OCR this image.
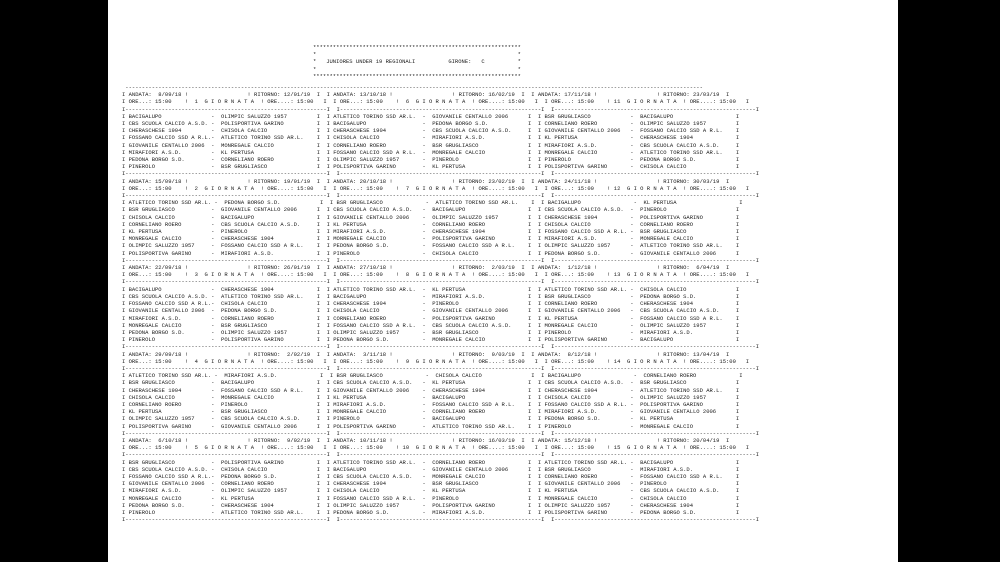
***************************************************************
*                                                             *
*   JUNIORES UNDER 19 REGIONALI          GIRONE:   C          *
*                                                             *
***************************************************************
-------------------------------------------------------------------------------------------------------------------------------------------------------------------------------
I ANDATA:  8/09/18 !                  ! RITORNO: 12/01/19  I  I ANDATA: 13/10/18 !                  ! RITORNO: 16/02/19  I  I ANDATA: 17/11/18 !                  ! RITORNO: 23/03/19  I
I ORE...: 15:00    !  1  G I O R N A T A  ! ORE....: 15:00   I  I ORE...: 15:00    !  6  G I O R N A T A  ! ORE....: 15:00   I  I ORE...: 15:00    ! 11  G I O R N A T A  ! ORE....: 15:00   I
I-------------------------------------------------------------I  I-------------------------------------------------------------I  I-------------------------------------------------------------I
I BACIGALUPO               -  OLIMPIC SALUZZO 1957         I  I ATLETICO TORINO SSD AR.L.  -  GIOVANILE CENTALLO 2006      I  I BSR GRUGLIASCO            -  BACIGALUPO                   I
I CBS SCUOLA CALCIO A.S.D. -  POLISPORTIVA GARINO          I  I BACIGALUPO                 -  PEDONA BORGO S.D.            I  I CORNELIANO ROERO          -  OLIMPIC SALUZZO 1957         I
I CHERASCHESE 1904         -  CHISOLA CALCIO               I  I CHERASCHESE 1904           -  CBS SCUOLA CALCIO A.S.D.     I  I GIOVANILE CENTALLO 2006   -  FOSSANO CALCIO SSD A R.L.    I
I FOSSANO CALCIO SSD A R.L.-  ATLETICO TORINO SSD AR.L.    I  I CHISOLA CALCIO             -  MIRAFIORI A.S.D.             I  I KL PERTUSA                -  CHERASCHESE 1904             I
I GIOVANILE CENTALLO 2006  -  MONREGALE CALCIO             I  I CORNELIANO ROERO           -  BSR GRUGLIASCO               I  I MIRAFIORI A.S.D.          -  CBS SCUOLA CALCIO A.S.D.     I
I MIRAFIORI A.S.D.         -  KL PERTUSA                   I  I FOSSANO CALCIO SSD A R.L.  -  MONREGALE CALCIO             I  I MONREGALE CALCIO          -  ATLETICO TORINO SSD AR.L.    I
I PEDONA BORGO S.D.        -  CORNELIANO ROERO             I  I OLIMPIC SALUZZO 1957       -  PINEROLO                     I  I PINEROLO                  -  PEDONA BORGO S.D.            I
I PINEROLO                 -  BSR GRUGLIASCO               I  I POLISPORTIVA GARINO        -  KL PERTUSA                   I  I POLISPORTIVA GARINO       -  CHISOLA CALCIO               I
I-------------------------------------------------------------I  I-------------------------------------------------------------I  I-------------------------------------------------------------I
I ANDATA: 15/09/18 !                  ! RITORNO: 19/01/19  I  I ANDATA: 20/10/18 !                  ! RITORNO: 23/02/19  I  I ANDATA: 24/11/18 !                  ! RITORNO: 30/03/19  I
I ORE...: 15:00    !  2  G I O R N A T A  ! ORE....: 15:00   I  I ORE...: 15:00    !  7  G I O R N A T A  ! ORE....: 15:00   I  I ORE...: 15:00    ! 12  G I O R N A T A  ! ORE....: 15:00   I
I-------------------------------------------------------------I  I-------------------------------------------------------------I  I-------------------------------------------------------------I
I ATLETICO TORINO SSD AR.L. -  PEDONA BORGO S.D.            I  I BSR GRUGLIASCO             -  ATLETICO TORINO SSD AR.L.    I  I BACIGALUPO                -  KL PERTUSA                   I
I BSR GRUGLIASCO           -  GIOVANILE CENTALLO 2006      I  I CBS SCUOLA CALCIO A.S.D.   -  BACIGALUPO                   I  I CBS SCUOLA CALCIO A.S.D.  -  PINEROLO                     I
I CHISOLA CALCIO           -  BACIGALUPO                   I  I GIOVANILE CENTALLO 2006    -  OLIMPIC SALUZZO 1957         I  I CHERASCHESE 1904          -  POLISPORTIVA GARINO          I
I CORNELIANO ROERO         -  CBS SCUOLA CALCIO A.S.D.     I  I KL PERTUSA                 -  CORNELIANO ROERO             I  I CHISOLA CALCIO            -  CORNELIANO ROERO             I
I KL PERTUSA               -  PINEROLO                     I  I MIRAFIORI A.S.D.           -  CHERASCHESE 1904             I  I FOSSANO CALCIO SSD A R.L. -  BSR GRUGLIASCO               I
I MONREGALE CALCIO         -  CHERASCHESE 1904             I  I MONREGALE CALCIO           -  POLISPORTIVA GARINO          I  I MIRAFIORI A.S.D.          -  MONREGALE CALCIO             I
I OLIMPIC SALUZZO 1957     -  FOSSANO CALCIO SSD A R.L.    I  I PEDONA BORGO S.D.          -  FOSSANO CALCIO SSD A R.L.    I  I OLIMPIC SALUZZO 1957      -  ATLETICO TORINO SSD AR.L.    I
I POLISPORTIVA GARINO      -  MIRAFIORI A.S.D.             I  I PINEROLO                   -  CHISOLA CALCIO               I  I PEDONA BORGO S.D.         -  GIOVANILE CENTALLO 2006      I
I-------------------------------------------------------------I  I-------------------------------------------------------------I  I-------------------------------------------------------------I
I ANDATA: 22/09/18 !                  ! RITORNO: 26/01/19  I  I ANDATA: 27/10/18 !                  ! RITORNO:  2/03/19  I  I ANDATA:  1/12/18 !                  ! RITORNO:  6/04/19  I
I ORE...: 15:00    !  3  G I O R N A T A  ! ORE....: 15:00   I  I ORE...: 15:00    !  8  G I O R N A T A  ! ORE....: 15:00   I  I ORE...: 15:00    ! 13  G I O R N A T A  ! ORE....: 15:00   I
I-------------------------------------------------------------I  I-------------------------------------------------------------I  I-------------------------------------------------------------I
I BACIGALUPO               -  CHERASCHESE 1904             I  I ATLETICO TORINO SSD AR.L.  -  KL PERTUSA                   I  I ATLETICO TORINO SSD AR.L. -  CHISOLA CALCIO               I
I CBS SCUOLA CALCIO A.S.D. -  ATLETICO TORINO SSD AR.L.    I  I BACIGALUPO                 -  MIRAFIORI A.S.D.             I  I BSR GRUGLIASCO            -  PEDONA BORGO S.D.            I
I FOSSANO CALCIO SSD A R.L.-  CHISOLA CALCIO               I  I CHERASCHESE 1904           -  PINEROLO                     I  I CORNELIANO ROERO          -  CHERASCHESE 1904             I
I GIOVANILE CENTALLO 2006  -  PEDONA BORGO S.D.            I  I CHISOLA CALCIO             -  GIOVANILE CENTALLO 2006      I  I GIOVANILE CENTALLO 2006   -  CBS SCUOLA CALCIO A.S.D.     I
I MIRAFIORI A.S.D.         -  CORNELIANO ROERO             I  I CORNELIANO ROERO           -  POLISPORTIVA GARINO          I  I KL PERTUSA                -  FOSSANO CALCIO SSD A R.L.    I
I MONREGALE CALCIO         -  BSR GRUGLIASCO               I  I FOSSANO CALCIO SSD A R.L.  -  CBS SCUOLA CALCIO A.S.D.     I  I MONREGALE CALCIO          -  OLIMPIC SALUZZO 1957         I
I PEDONA BORGO S.D.        -  OLIMPIC SALUZZO 1957         I  I OLIMPIC SALUZZO 1957       -  BSR GRUGLIASCO               I  I PINEROLO                  -  MIRAFIORI A.S.D.             I
I PINEROLO                 -  POLISPORTIVA GARINO          I  I PEDONA BORGO S.D.          -  MONREGALE CALCIO             I  I POLISPORTIVA GARINO       -  BACIGALUPO                   I
I-------------------------------------------------------------I  I-------------------------------------------------------------I  I-------------------------------------------------------------I
I ANDATA: 29/09/18 !                  ! RITORNO:  2/02/19  I  I ANDATA:  3/11/18 !                  ! RITORNO:  9/03/19  I  I ANDATA:  8/12/18 !                  ! RITORNO: 13/04/19  I
I ORE...: 15:00    !  4  G I O R N A T A  ! ORE....: 15:00   I  I ORE...: 15:00    !  9  G I O R N A T A  ! ORE....: 15:00   I  I ORE...: 15:00    ! 14  G I O R N A T A  ! ORE....: 15:00   I
I-------------------------------------------------------------I  I-------------------------------------------------------------I  I-------------------------------------------------------------I
I ATLETICO TORINO SSD AR.L. -  MIRAFIORI A.S.D.             I  I BSR GRUGLIASCO             -  CHISOLA CALCIO               I  I BACIGALUPO                -  CORNELIANO ROERO             I
I BSR GRUGLIASCO           -  BACIGALUPO                   I  I CBS SCUOLA CALCIO A.S.D.   -  KL PERTUSA                   I  I CBS SCUOLA CALCIO A.S.D.  -  BSR GRUGLIASCO               I
I CHERASCHESE 1904         -  FOSSANO CALCIO SSD A R.L.    I  I GIOVANILE CENTALLO 2006    -  CHERASCHESE 1904             I  I CHERASCHESE 1904          -  ATLETICO TORINO SSD AR.L.    I
I CHISOLA CALCIO           -  MONREGALE CALCIO             I  I KL PERTUSA                 -  BACIGALUPO                   I  I CHISOLA CALCIO            -  OLIMPIC SALUZZO 1957         I
I CORNELIANO ROERO         -  PINEROLO                     I  I MIRAFIORI A.S.D.           -  FOSSANO CALCIO SSD A R.L.    I  I FOSSANO CALCIO SSD A R.L. -  POLISPORTIVA GARINO          I
I KL PERTUSA               -  BSR GRUGLIASCO               I  I MONREGALE CALCIO           -  CORNELIANO ROERO             I  I MIRAFIORI A.S.D.          -  GIOVANILE CENTALLO 2006      I
I OLIMPIC SALUZZO 1957     -  CBS SCUOLA CALCIO A.S.D.     I  I PINEROLO                   -  BACIGALUPO                   I  I PEDONA BORGO S.D.         -  KL PERTUSA                   I
I POLISPORTIVA GARINO      -  GIOVANILE CENTALLO 2006      I  I POLISPORTIVA GARINO        -  ATLETICO TORINO SSD AR.L.    I  I PINEROLO                  -  MONREGALE CALCIO             I
I-------------------------------------------------------------I  I-------------------------------------------------------------I  I-------------------------------------------------------------I
I ANDATA:  6/10/18 !                  ! RITORNO:  9/02/19  I  I ANDATA: 10/11/18 !                  ! RITORNO: 16/03/19  I  I ANDATA: 15/12/18 !                  ! RITORNO: 20/04/19  I
I ORE...: 15:00    !  5  G I O R N A T A  ! ORE....: 15:00   I  I ORE...: 15:00    ! 10  G I O R N A T A  ! ORE....: 15:00   I  I ORE...: 15:00    ! 15  G I O R N A T A  ! ORE....: 15:00   I
I-------------------------------------------------------------I  I-------------------------------------------------------------I  I-------------------------------------------------------------I
I BSR GRUGLIASCO           -  POLISPORTIVA GARINO          I  I ATLETICO TORINO SSD AR.L.  -  CORNELIANO ROERO             I  I ATLETICO TORINO SSD AR.L. -  BACIGALUPO                   I
I CBS SCUOLA CALCIO A.S.D. -  CHISOLA CALCIO               I  I BACIGALUPO                 -  GIOVANILE CENTALLO 2006      I  I BSR GRUGLIASCO            -  MIRAFIORI A.S.D.             I
I FOSSANO CALCIO SSD A R.L.-  PEDONA BORGO S.D.            I  I CBS SCUOLA CALCIO A.S.D.   -  MONREGALE CALCIO             I  I CORNELIANO ROERO          -  FOSSANO CALCIO SSD A R.L.    I
I GIOVANILE CENTALLO 2006  -  CORNELIANO ROERO             I  I CHERASCHESE 1904           -  BSR GRUGLIASCO               I  I GIOVANILE CENTALLO 2006   -  PINEROLO                     I
I MIRAFIORI A.S.D.         -  OLIMPIC SALUZZO 1957         I  I CHISOLA CALCIO             -  KL PERTUSA                   I  I KL PERTUSA                -  CBS SCUOLA CALCIO A.S.D.     I
I MONREGALE CALCIO         -  KL PERTUSA                   I  I FOSSANO CALCIO SSD A R.L.  -  PINEROLO                     I  I MONREGALE CALCIO          -  CHISOLA CALCIO               I
I PEDONA BORGO S.D.        -  CHERASCHESE 1904             I  I OLIMPIC SALUZZO 1957       -  POLISPORTIVA GARINO          I  I OLIMPIC SALUZZO 1957      -  CHERASCHESE 1904             I
I PINEROLO                 -  ATLETICO TORINO SSD AR.L.    I  I PEDONA BORGO S.D.          -  MIRAFIORI A.S.D.             I  I POLISPORTIVA GARINO       -  PEDONA BORGO S.D.            I
I-------------------------------------------------------------I  I-------------------------------------------------------------I  I-------------------------------------------------------------I
